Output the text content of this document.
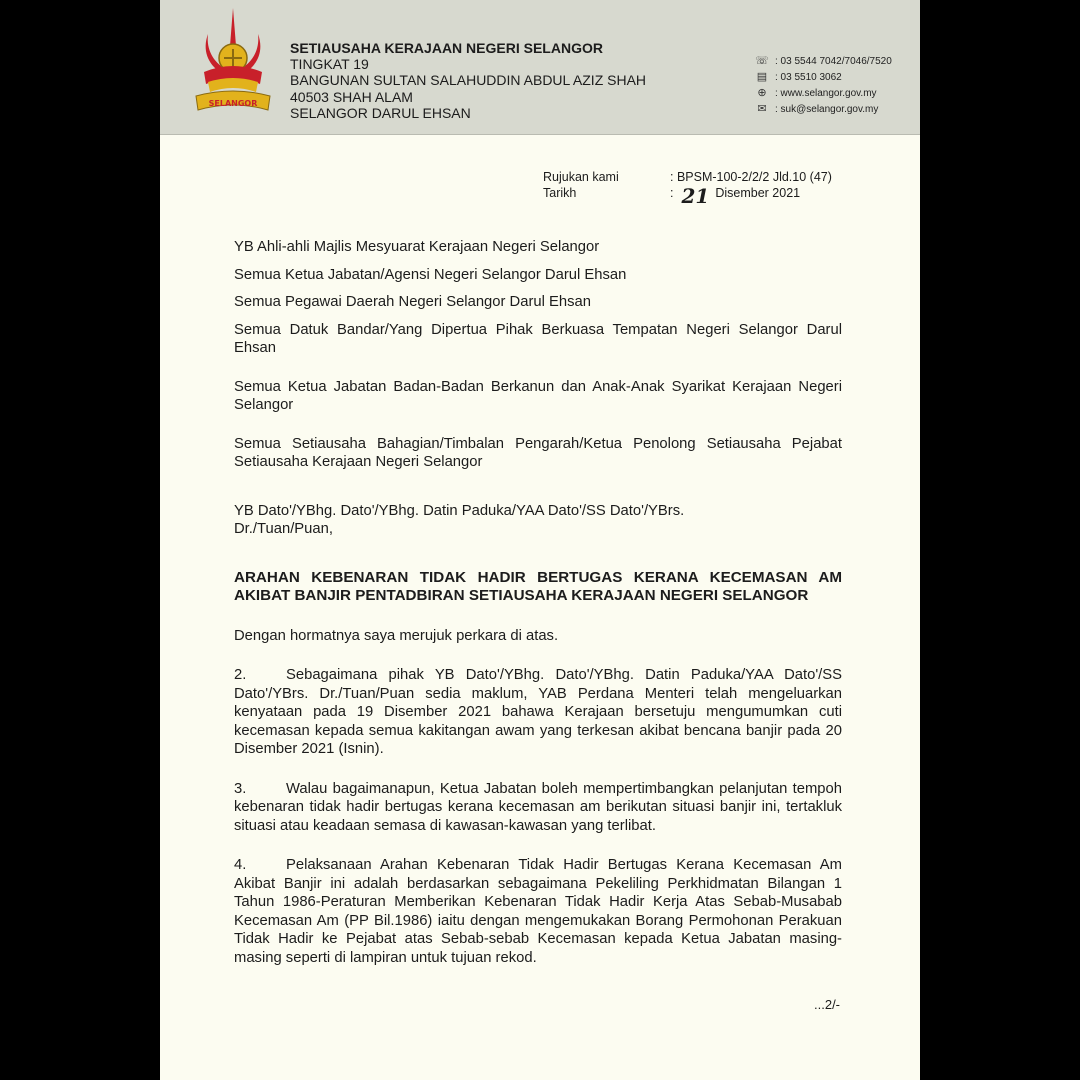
SELANGOR
SETIAUSAHA KERAJAAN NEGERI SELANGOR
TINGKAT 19
BANGUNAN SULTAN SALAHUDDIN ABDUL AZIZ SHAH
40503 SHAH ALAM
SELANGOR DARUL EHSAN
☏ : 03 5544 7042/7046/7520
▤ : 03 5510 3062
⊕ : www.selangor.gov.my
✉ : suk@selangor.gov.my
Rujukan kami	: BPSM-100-2/2/2 Jld.10 (47)
Tarikh	: 21 Disember 2021

YB Ahli-ahli Majlis Mesyuarat Kerajaan Negeri Selangor

Semua Ketua Jabatan/Agensi Negeri Selangor Darul Ehsan

Semua Pegawai Daerah Negeri Selangor Darul Ehsan

Semua Datuk Bandar/Yang Dipertua Pihak Berkuasa Tempatan Negeri Selangor Darul Ehsan

Semua Ketua Jabatan Badan-Badan Berkanun dan Anak-Anak Syarikat Kerajaan Negeri Selangor

Semua Setiausaha Bahagian/Timbalan Pengarah/Ketua Penolong Setiausaha Pejabat Setiausaha Kerajaan Negeri Selangor

YB Dato'/YBhg. Dato'/YBhg. Datin Paduka/YAA Dato'/SS Dato'/YBrs. Dr./Tuan/Puan,

ARAHAN KEBENARAN TIDAK HADIR BERTUGAS KERANA KECEMASAN AM AKIBAT BANJIR PENTADBIRAN SETIAUSAHA KERAJAAN NEGERI SELANGOR

Dengan hormatnya saya merujuk perkara di atas.

2.	Sebagaimana pihak YB Dato'/YBhg. Dato'/YBhg. Datin Paduka/YAA Dato'/SS Dato'/YBrs. Dr./Tuan/Puan sedia maklum, YAB Perdana Menteri telah mengeluarkan kenyataan pada 19 Disember 2021 bahawa Kerajaan bersetuju mengumumkan cuti kecemasan kepada semua kakitangan awam yang terkesan akibat bencana banjir pada 20 Disember 2021 (Isnin).

3.	Walau bagaimanapun, Ketua Jabatan boleh mempertimbangkan pelanjutan tempoh kebenaran tidak hadir bertugas kerana kecemasan am berikutan situasi banjir ini, tertakluk situasi atau keadaan semasa di kawasan-kawasan yang terlibat.

4.	Pelaksanaan Arahan Kebenaran Tidak Hadir Bertugas Kerana Kecemasan Am Akibat Banjir ini adalah berdasarkan sebagaimana Pekeliling Perkhidmatan Bilangan 1 Tahun 1986-Peraturan Memberikan Kebenaran Tidak Hadir Kerja Atas Sebab-Musabab Kecemasan Am (PP Bil.1986) iaitu dengan mengemukakan Borang Permohonan Perakuan Tidak Hadir ke Pejabat atas Sebab-sebab Kecemasan kepada Ketua Jabatan masing-masing seperti di lampiran untuk tujuan rekod.

...2/-
